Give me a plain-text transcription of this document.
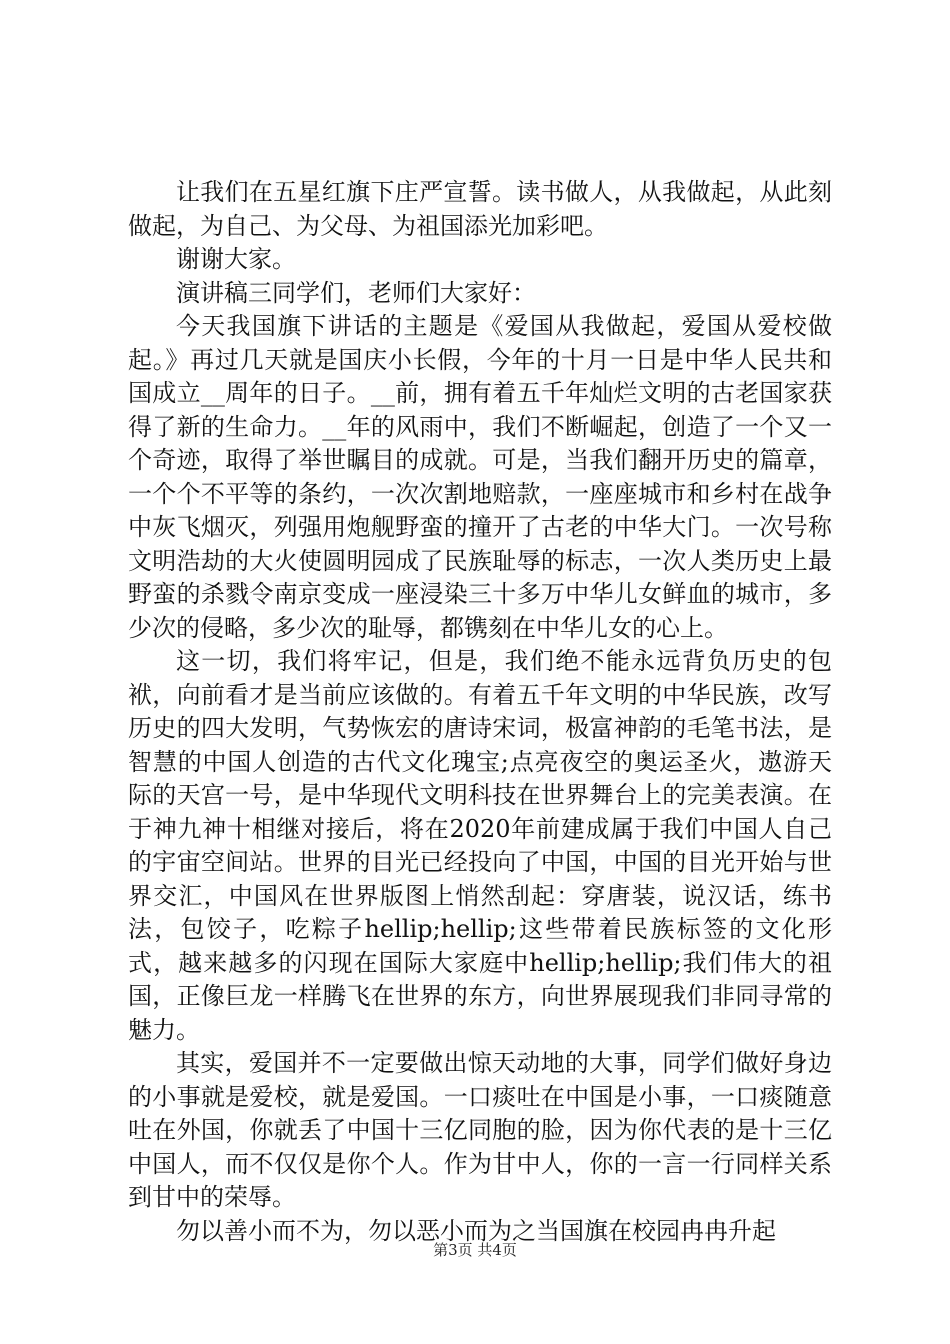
让我们在五星红旗下庄严宣誓。读书做人，从我做起，从此刻做起，为自己、为父母、为祖国添光加彩吧。

谢谢大家。

演讲稿三同学们，老师们大家好：

今天我国旗下讲话的主题是《爱国从我做起，爱国从爱校做起。》再过几天就是国庆小长假，今年的十月一日是中华人民共和国成立__周年的日子。__前，拥有着五千年灿烂文明的古老国家获得了新的生命力。__年的风雨中，我们不断崛起，创造了一个又一个奇迹，取得了举世瞩目的成就。可是，当我们翻开历史的篇章，一个个不平等的条约，一次次割地赔款，一座座城市和乡村在战争中灰飞烟灭，列强用炮舰野蛮的撞开了古老的中华大门。一次号称文明浩劫的大火使圆明园成了民族耻辱的标志，一次人类历史上最野蛮的杀戮令南京变成一座浸染三十多万中华儿女鲜血的城市，多少次的侵略，多少次的耻辱，都镌刻在中华儿女的心上。

这一切，我们将牢记，但是，我们绝不能永远背负历史的包袱，向前看才是当前应该做的。有着五千年文明的中华民族，改写历史的四大发明，气势恢宏的唐诗宋词，极富神韵的毛笔书法，是智慧的中国人创造的古代文化瑰宝;点亮夜空的奥运圣火，遨游天际的天宫一号，是中华现代文明科技在世界舞台上的完美表演。在于神九神十相继对接后，将在2020年前建成属于我们中国人自己的宇宙空间站。世界的目光已经投向了中国，中国的目光开始与世界交汇，中国风在世界版图上悄然刮起：穿唐装，说汉话，练书法，包饺子，吃粽子hellip;hellip;这些带着民族标签的文化形式，越来越多的闪现在国际大家庭中hellip;hellip;我们伟大的祖国，正像巨龙一样腾飞在世界的东方，向世界展现我们非同寻常的魅力。

其实，爱国并不一定要做出惊天动地的大事，同学们做好身边的小事就是爱校，就是爱国。一口痰吐在中国是小事，一口痰随意吐在外国，你就丢了中国十三亿同胞的脸，因为你代表的是十三亿中国人，而不仅仅是你个人。作为甘中人，你的一言一行同样关系到甘中的荣辱。

勿以善小而不为，勿以恶小而为之当国旗在校园冉冉升起

第3页 共4页
